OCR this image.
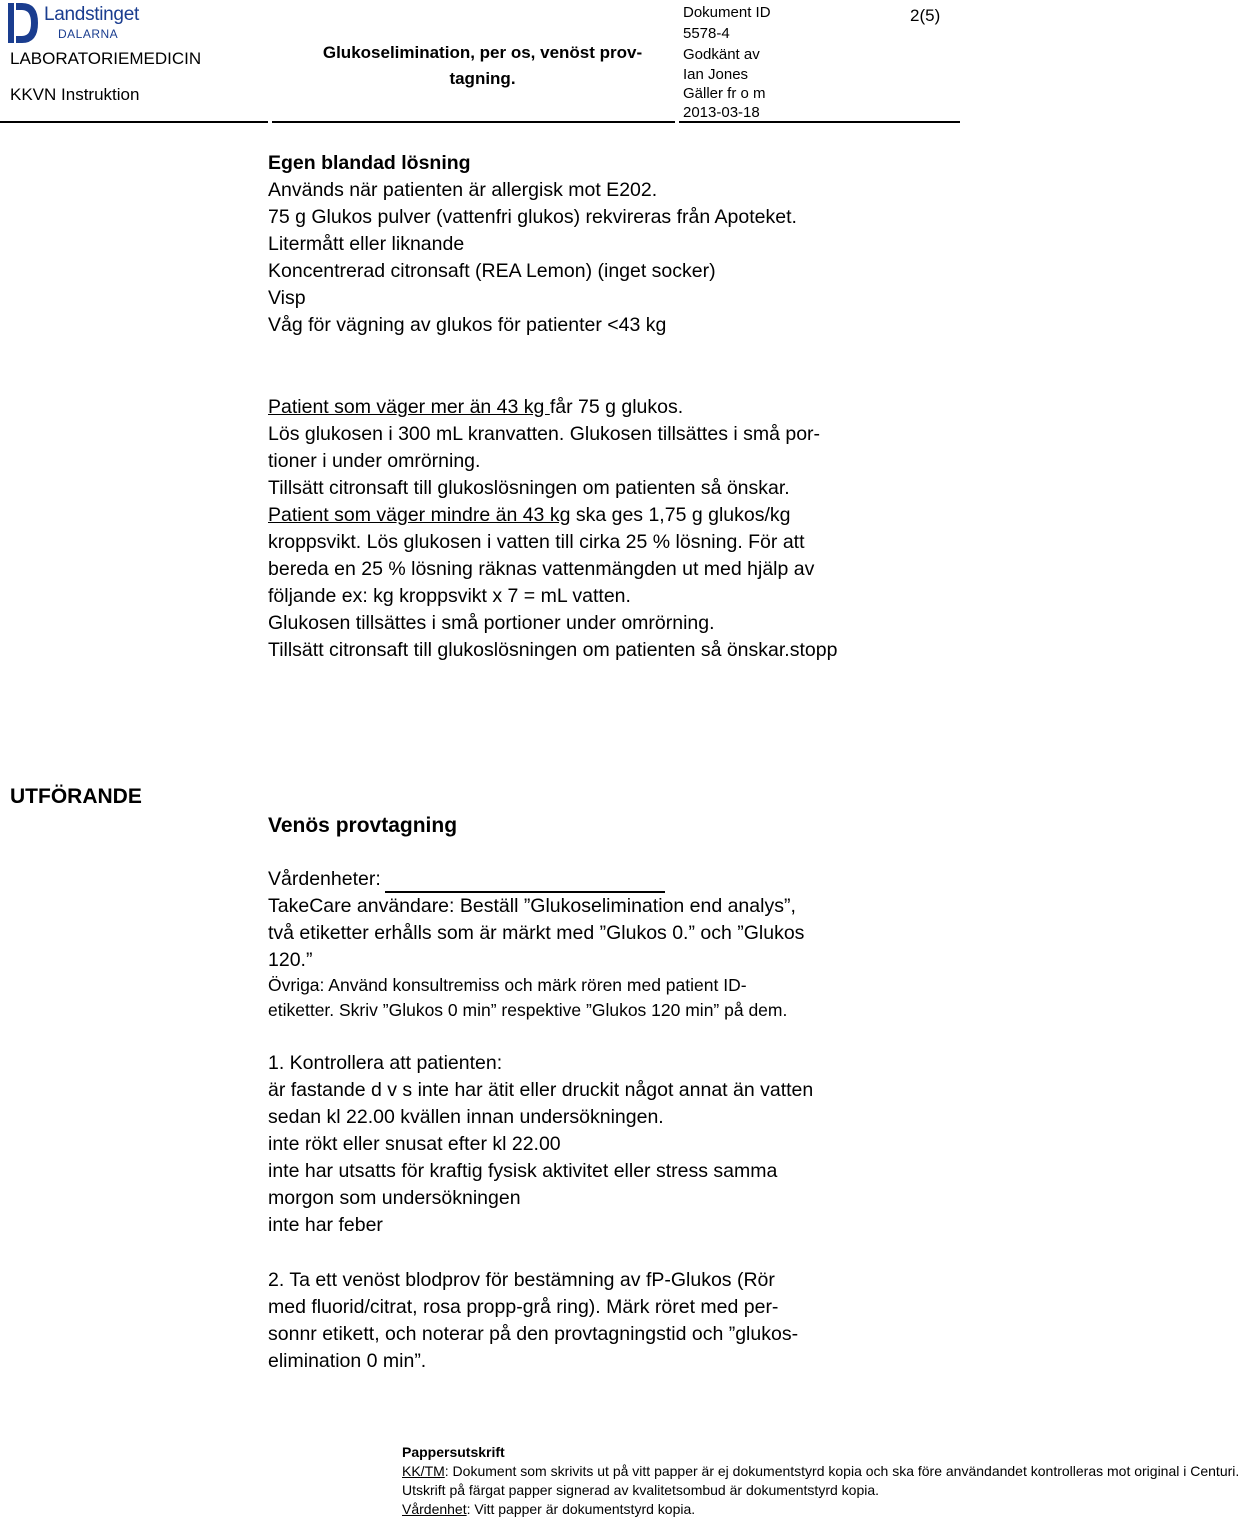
Landstinget
DALARNA
LABORATORIEMEDICIN
KKVN Instruktion
Glukoselimination, per os, venöst prov-tagning.
Dokument ID
5578-4
Godkänt av
Ian Jones
Gäller fr o m
2013-03-18
2(5)
Egen blandad lösning
Används när patienten är allergisk mot E202.
75 g Glukos pulver (vattenfri glukos) rekvireras från Apoteket.
Litermått eller liknande
Koncentrerad citronsaft (REA Lemon) (inget socker)
Visp
Våg för vägning av glukos för patienter <43 kg
Patient som väger mer än 43 kg får 75 g glukos.
Lös glukosen i 300 mL kranvatten. Glukosen tillsättes i små por-
tioner i under omrörning.
Tillsätt citronsaft till glukoslösningen om patienten så önskar.
Patient som väger mindre än 43 kg ska ges 1,75 g glukos/kg
kroppsvikt. Lös glukosen i vatten till cirka 25 % lösning. För att
bereda en 25 % lösning räknas vattenmängden ut med hjälp av
följande ex: kg kroppsvikt x 7 = mL vatten.
Glukosen tillsättes i små portioner under omrörning.
Tillsätt citronsaft till glukoslösningen om patienten så önskar.stopp
UTFÖRANDE
Venös provtagning
Vårdenheter:
TakeCare användare: Beställ ”Glukoselimination end analys”,
två etiketter erhålls som är märkt med ”Glukos 0.” och ”Glukos
120.”
Övriga: Använd konsultremiss och märk rören med patient ID-
etiketter. Skriv ”Glukos 0 min” respektive ”Glukos 120 min” på dem.
1. Kontrollera att patienten:
är fastande d v s inte har ätit eller druckit något annat än vatten
sedan kl 22.00 kvällen innan undersökningen.
inte rökt eller snusat efter kl 22.00
inte har utsatts för kraftig fysisk aktivitet eller stress samma
morgon som undersökningen
inte har feber
2. Ta ett venöst blodprov för bestämning av fP-Glukos (Rör
med fluorid/citrat, rosa propp-grå ring). Märk röret med per-
sonnr etikett, och noterar på den provtagningstid och ”glukos-
elimination 0 min”.
Pappersutskrift
KK/TM: Dokument som skrivits ut på vitt papper är ej dokumentstyrd kopia och ska före användandet kontrolleras mot original i Centuri.
Utskrift på färgat papper signerad av kvalitetsombud är dokumentstyrd kopia.
Vårdenhet: Vitt papper är dokumentstyrd kopia.
